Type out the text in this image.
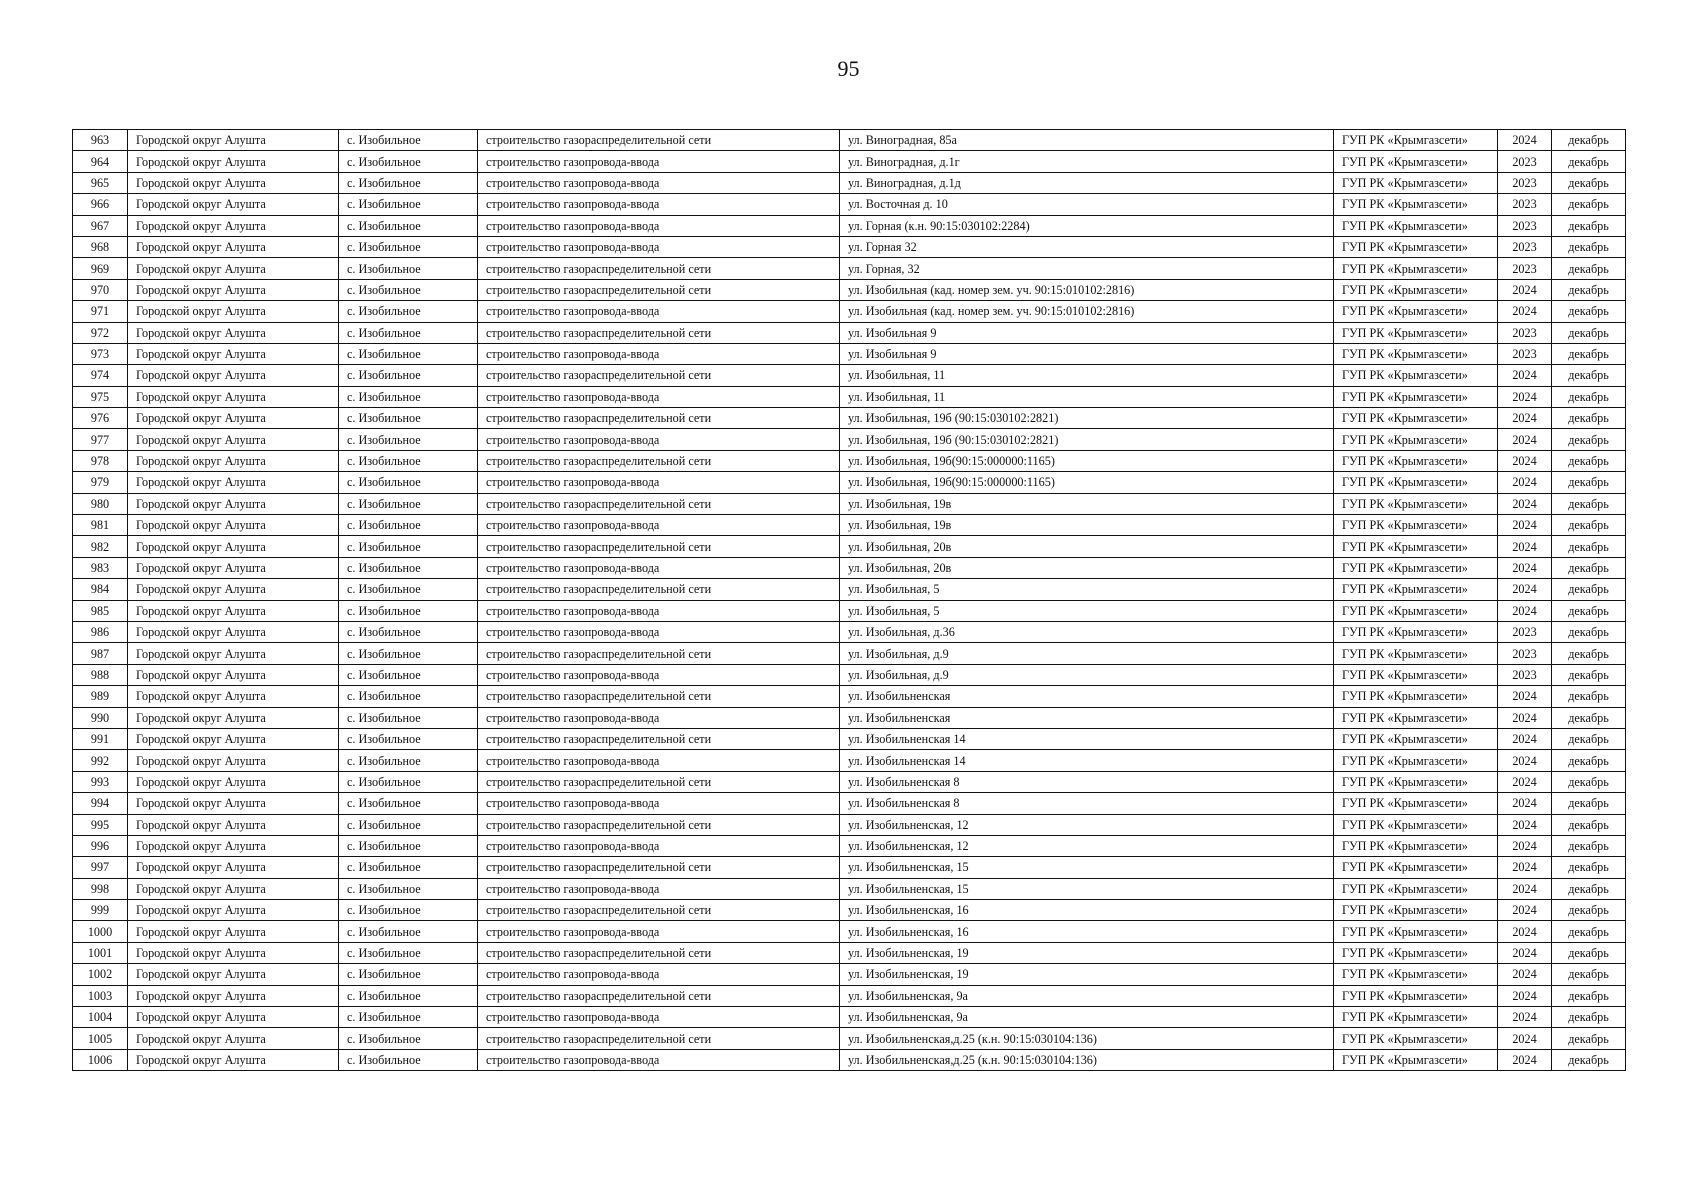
95
963	Городской округ Алушта	с. Изобильное	строительство газораспределительной сети	ул. Виноградная, 85а	ГУП РК «Крымгазсети»	2024	декабрь
964	Городской округ Алушта	с. Изобильное	строительство газопровода-ввода	ул. Виноградная, д.1г	ГУП РК «Крымгазсети»	2023	декабрь
965	Городской округ Алушта	с. Изобильное	строительство газопровода-ввода	ул. Виноградная, д.1д	ГУП РК «Крымгазсети»	2023	декабрь
966	Городской округ Алушта	с. Изобильное	строительство газопровода-ввода	ул. Восточная д. 10	ГУП РК «Крымгазсети»	2023	декабрь
967	Городской округ Алушта	с. Изобильное	строительство газопровода-ввода	ул. Горная (к.н. 90:15:030102:2284)	ГУП РК «Крымгазсети»	2023	декабрь
968	Городской округ Алушта	с. Изобильное	строительство газопровода-ввода	ул. Горная 32	ГУП РК «Крымгазсети»	2023	декабрь
969	Городской округ Алушта	с. Изобильное	строительство газораспределительной сети	ул. Горная, 32	ГУП РК «Крымгазсети»	2023	декабрь
970	Городской округ Алушта	с. Изобильное	строительство газораспределительной сети	ул. Изобильная (кад. номер зем. уч. 90:15:010102:2816)	ГУП РК «Крымгазсети»	2024	декабрь
971	Городской округ Алушта	с. Изобильное	строительство газопровода-ввода	ул. Изобильная (кад. номер зем. уч. 90:15:010102:2816)	ГУП РК «Крымгазсети»	2024	декабрь
972	Городской округ Алушта	с. Изобильное	строительство газораспределительной сети	ул. Изобильная 9	ГУП РК «Крымгазсети»	2023	декабрь
973	Городской округ Алушта	с. Изобильное	строительство газопровода-ввода	ул. Изобильная 9	ГУП РК «Крымгазсети»	2023	декабрь
974	Городской округ Алушта	с. Изобильное	строительство газораспределительной сети	ул. Изобильная, 11	ГУП РК «Крымгазсети»	2024	декабрь
975	Городской округ Алушта	с. Изобильное	строительство газопровода-ввода	ул. Изобильная, 11	ГУП РК «Крымгазсети»	2024	декабрь
976	Городской округ Алушта	с. Изобильное	строительство газораспределительной сети	ул. Изобильная, 19б (90:15:030102:2821)	ГУП РК «Крымгазсети»	2024	декабрь
977	Городской округ Алушта	с. Изобильное	строительство газопровода-ввода	ул. Изобильная, 19б (90:15:030102:2821)	ГУП РК «Крымгазсети»	2024	декабрь
978	Городской округ Алушта	с. Изобильное	строительство газораспределительной сети	ул. Изобильная, 19б(90:15:000000:1165)	ГУП РК «Крымгазсети»	2024	декабрь
979	Городской округ Алушта	с. Изобильное	строительство газопровода-ввода	ул. Изобильная, 19б(90:15:000000:1165)	ГУП РК «Крымгазсети»	2024	декабрь
980	Городской округ Алушта	с. Изобильное	строительство газораспределительной сети	ул. Изобильная, 19в	ГУП РК «Крымгазсети»	2024	декабрь
981	Городской округ Алушта	с. Изобильное	строительство газопровода-ввода	ул. Изобильная, 19в	ГУП РК «Крымгазсети»	2024	декабрь
982	Городской округ Алушта	с. Изобильное	строительство газораспределительной сети	ул. Изобильная, 20в	ГУП РК «Крымгазсети»	2024	декабрь
983	Городской округ Алушта	с. Изобильное	строительство газопровода-ввода	ул. Изобильная, 20в	ГУП РК «Крымгазсети»	2024	декабрь
984	Городской округ Алушта	с. Изобильное	строительство газораспределительной сети	ул. Изобильная, 5	ГУП РК «Крымгазсети»	2024	декабрь
985	Городской округ Алушта	с. Изобильное	строительство газопровода-ввода	ул. Изобильная, 5	ГУП РК «Крымгазсети»	2024	декабрь
986	Городской округ Алушта	с. Изобильное	строительство газопровода-ввода	ул. Изобильная, д.36	ГУП РК «Крымгазсети»	2023	декабрь
987	Городской округ Алушта	с. Изобильное	строительство газораспределительной сети	ул. Изобильная, д.9	ГУП РК «Крымгазсети»	2023	декабрь
988	Городской округ Алушта	с. Изобильное	строительство газопровода-ввода	ул. Изобильная, д.9	ГУП РК «Крымгазсети»	2023	декабрь
989	Городской округ Алушта	с. Изобильное	строительство газораспределительной сети	ул. Изобильненская	ГУП РК «Крымгазсети»	2024	декабрь
990	Городской округ Алушта	с. Изобильное	строительство газопровода-ввода	ул. Изобильненская	ГУП РК «Крымгазсети»	2024	декабрь
991	Городской округ Алушта	с. Изобильное	строительство газораспределительной сети	ул. Изобильненская 14	ГУП РК «Крымгазсети»	2024	декабрь
992	Городской округ Алушта	с. Изобильное	строительство газопровода-ввода	ул. Изобильненская 14	ГУП РК «Крымгазсети»	2024	декабрь
993	Городской округ Алушта	с. Изобильное	строительство газораспределительной сети	ул. Изобильненская 8	ГУП РК «Крымгазсети»	2024	декабрь
994	Городской округ Алушта	с. Изобильное	строительство газопровода-ввода	ул. Изобильненская 8	ГУП РК «Крымгазсети»	2024	декабрь
995	Городской округ Алушта	с. Изобильное	строительство газораспределительной сети	ул. Изобильненская, 12	ГУП РК «Крымгазсети»	2024	декабрь
996	Городской округ Алушта	с. Изобильное	строительство газопровода-ввода	ул. Изобильненская, 12	ГУП РК «Крымгазсети»	2024	декабрь
997	Городской округ Алушта	с. Изобильное	строительство газораспределительной сети	ул. Изобильненская, 15	ГУП РК «Крымгазсети»	2024	декабрь
998	Городской округ Алушта	с. Изобильное	строительство газопровода-ввода	ул. Изобильненская, 15	ГУП РК «Крымгазсети»	2024	декабрь
999	Городской округ Алушта	с. Изобильное	строительство газораспределительной сети	ул. Изобильненская, 16	ГУП РК «Крымгазсети»	2024	декабрь
1000	Городской округ Алушта	с. Изобильное	строительство газопровода-ввода	ул. Изобильненская, 16	ГУП РК «Крымгазсети»	2024	декабрь
1001	Городской округ Алушта	с. Изобильное	строительство газораспределительной сети	ул. Изобильненская, 19	ГУП РК «Крымгазсети»	2024	декабрь
1002	Городской округ Алушта	с. Изобильное	строительство газопровода-ввода	ул. Изобильненская, 19	ГУП РК «Крымгазсети»	2024	декабрь
1003	Городской округ Алушта	с. Изобильное	строительство газораспределительной сети	ул. Изобильненская, 9а	ГУП РК «Крымгазсети»	2024	декабрь
1004	Городской округ Алушта	с. Изобильное	строительство газопровода-ввода	ул. Изобильненская, 9а	ГУП РК «Крымгазсети»	2024	декабрь
1005	Городской округ Алушта	с. Изобильное	строительство газораспределительной сети	ул. Изобильненская,д.25 (к.н. 90:15:030104:136)	ГУП РК «Крымгазсети»	2024	декабрь
1006	Городской округ Алушта	с. Изобильное	строительство газопровода-ввода	ул. Изобильненская,д.25 (к.н. 90:15:030104:136)	ГУП РК «Крымгазсети»	2024	декабрь
